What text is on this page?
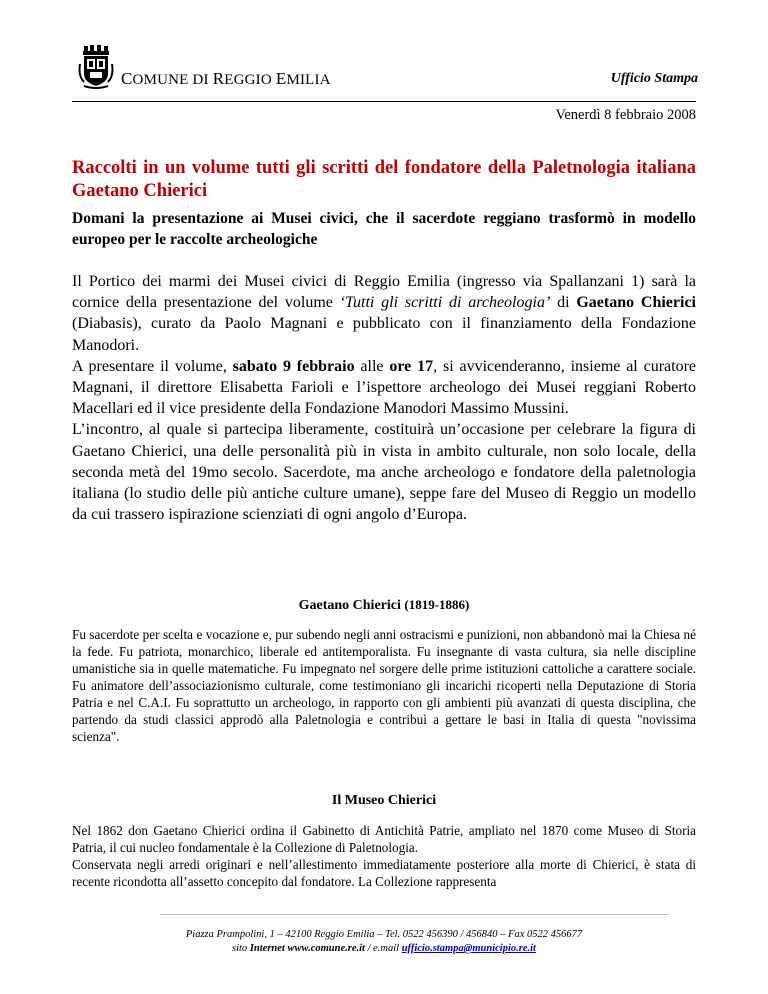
COMUNE DI REGGIO EMILIA	Ufficio Stampa
Venerdì 8 febbraio 2008
Raccolti in un volume tutti gli scritti del fondatore della Paletnologia italiana Gaetano Chierici
Domani la presentazione ai Musei civici, che il sacerdote reggiano trasformò in modello europeo per le raccolte archeologiche

Il Portico dei marmi dei Musei civici di Reggio Emilia (ingresso via Spallanzani 1) sarà la cornice della presentazione del volume ‘Tutti gli scritti di archeologia’ di Gaetano Chierici (Diabasis), curato da Paolo Magnani e pubblicato con il finanziamento della Fondazione Manodori.

A presentare il volume, sabato 9 febbraio alle ore 17, si avvicenderanno, insieme al curatore Magnani, il direttore Elisabetta Farioli e l’ispettore archeologo dei Musei reggiani Roberto Macellari ed il vice presidente della Fondazione Manodori Massimo Mussini.

L’incontro, al quale si partecipa liberamente, costituirà un’occasione per celebrare la figura di Gaetano Chierici, una delle personalità più in vista in ambito culturale, non solo locale, della seconda metà del 19mo secolo. Sacerdote, ma anche archeologo e fondatore della paletnologia italiana (lo studio delle più antiche culture umane), seppe fare del Museo di Reggio un modello da cui trassero ispirazione scienziati di ogni angolo d’Europa.

Gaetano Chierici (1819-1886)

Fu sacerdote per scelta e vocazione e, pur subendo negli anni ostracismi e punizioni, non abbandonò mai la Chiesa né la fede. Fu patriota, monarchico, liberale ed antitemporalista. Fu insegnante di vasta cultura, sia nelle discipline umanistiche sia in quelle matematiche. Fu impegnato nel sorgere delle prime istituzioni cattoliche a carattere sociale. Fu animatore dell’associazionismo culturale, come testimoniano gli incarichi ricoperti nella Deputazione di Storia Patria e nel C.A.I. Fu soprattutto un archeologo, in rapporto con gli ambienti più avanzati di questa disciplina, che partendo da studi classici approdò alla Paletnologia e contribuì a gettare le basi in Italia di questa "novissima scienza".

Il Museo Chierici
Nel 1862 don Gaetano Chierici ordina il Gabinetto di Antichità Patrie, ampliato nel 1870 come Museo di Storia Patria, il cui nucleo fondamentale è la Collezione di Paletnologia.
Conservata negli arredi originari e nell’allestimento immediatamente posteriore alla morte di Chierici, è stata di recente ricondotta all’assetto concepito dal fondatore. La Collezione rappresenta
Piazza Prampolini, 1 – 42100 Reggio Emilia – Tel. 0522 456390 / 456840 – Fax 0522 456677
sito Internet www.comune.re.it / e.mail ufficio.stampa@municipio.re.it
